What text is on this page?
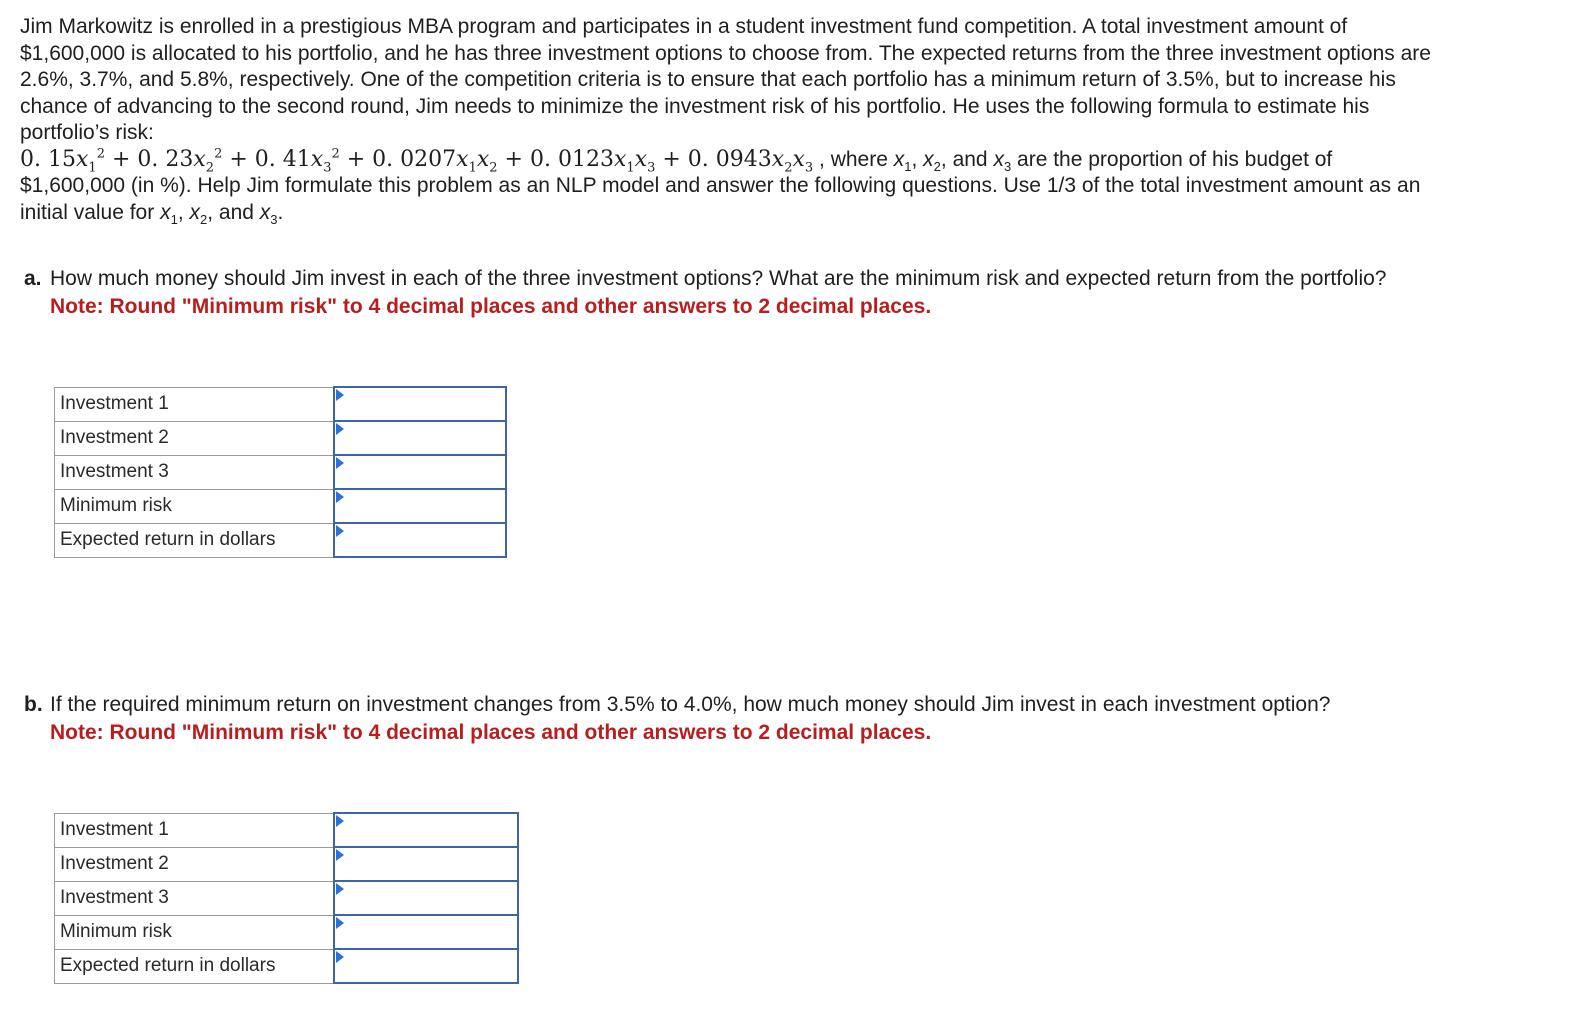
Jim Markowitz is enrolled in a prestigious MBA program and participates in a student investment fund competition. A total investment amount of $1,600,000 is allocated to his portfolio, and he has three investment options to choose from. The expected returns from the three investment options are 2.6%, 3.7%, and 5.8%, respectively. One of the competition criteria is to ensure that each portfolio has a minimum return of 3.5%, but to increase his chance of advancing to the second round, Jim needs to minimize the investment risk of his portfolio. He uses the following formula to estimate his portfolio’s risk:
0. $15x_1^2 + 0$. $23x_2^2 + 0$. $41x_3^2 + 0$. $0207x_1x_2 + 0$. $0123x_1x_3 + 0$. $0943x_2x_3$ , where $x_1$, $x_2$, and $x_3$ are the proportion of his budget of $1,600,000 (in %). Help Jim formulate this problem as an NLP model and answer the following questions. Use 1/3 of the total investment amount as an initial value for $x_1$, $x_2$, and $x_3$.
a. How much money should Jim invest in each of the three investment options? What are the minimum risk and expected return from the portfolio?
Note: Round "Minimum risk" to 4 decimal places and other answers to 2 decimal places.
Investment 1	

Investment 2	

Investment 3	

Minimum risk	

Expected return in dollars	
b. If the required minimum return on investment changes from 3.5% to 4.0%, how much money should Jim invest in each investment option?
Note: Round "Minimum risk" to 4 decimal places and other answers to 2 decimal places.
Investment 1	

Investment 2	

Investment 3	

Minimum risk	

Expected return in dollars	
